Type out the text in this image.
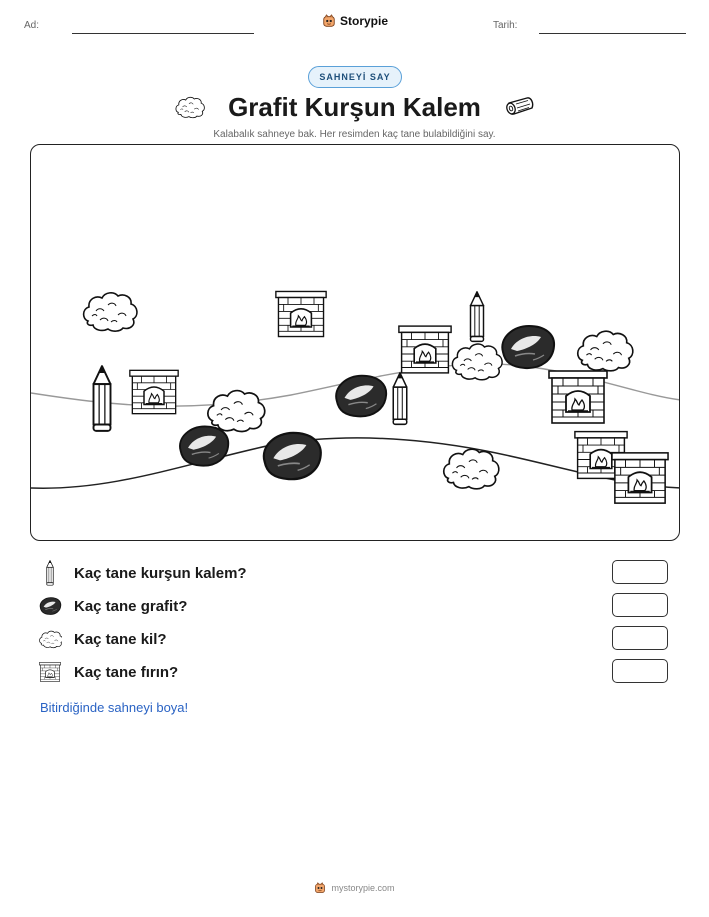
Ad:	Storypie	Tarih:
SAHNEYİ SAY
Grafit Kurşun Kalem
Kalabalık sahneye bak. Her resimden kaç tane bulabildiğini say.
Kaç tane kurşun kalem?
Kaç tane grafit?
Kaç tane kil?
Kaç tane fırın?
Bitirdiğinde sahneyi boya!
mystorypie.com
